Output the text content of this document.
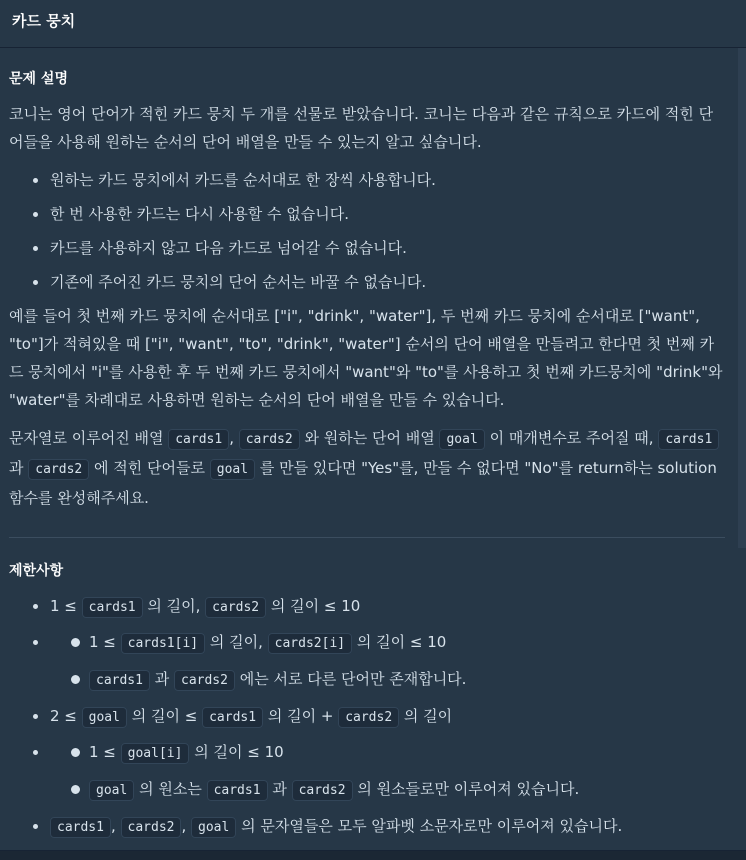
카드 뭉치
문제 설명

코니는 영어 단어가 적힌 카드 뭉치 두 개를 선물로 받았습니다. 코니는 다음과 같은 규칙으로 카드에 적힌 단어들을 사용해 원하는 순서의 단어 배열을 만들 수 있는지 알고 싶습니다.

원하는 카드 뭉치에서 카드를 순서대로 한 장씩 사용합니다.
한 번 사용한 카드는 다시 사용할 수 없습니다.
카드를 사용하지 않고 다음 카드로 넘어갈 수 없습니다.
기존에 주어진 카드 뭉치의 단어 순서는 바꿀 수 없습니다.

예를 들어 첫 번째 카드 뭉치에 순서대로 ["i", "drink", "water"], 두 번째 카드 뭉치에 순서대로 ["want", "to"]가 적혀있을 때 ["i", "want", "to", "drink", "water"] 순서의 단어 배열을 만들려고 한다면 첫 번째 카드 뭉치에서 "i"를 사용한 후 두 번째 카드 뭉치에서 "want"와 "to"를 사용하고 첫 번째 카드뭉치에 "drink"와 "water"를 차례대로 사용하면 원하는 순서의 단어 배열을 만들 수 있습니다.

문자열로 이루어진 배열 cards1 , cards2 와 원하는 단어 배열 goal 이 매개변수로 주어질 때, cards1 과 cards2 에 적힌 단어들로 goal 를 만들 있다면 "Yes"를, 만들 수 없다면 "No"를 return하는 solution 함수를 완성해주세요.

제한사항
1 ≤ cards1 의 길이, cards2 의 길이 ≤ 10
1 ≤ cards1[i] 의 길이, cards2[i] 의 길이 ≤ 10
cards1 과 cards2 에는 서로 다른 단어만 존재합니다.
2 ≤ goal 의 길이 ≤ cards1 의 길이 + cards2 의 길이
1 ≤ goal[i] 의 길이 ≤ 10
goal 의 원소는 cards1 과 cards2 의 원소들로만 이루어져 있습니다.
cards1 , cards2 , goal 의 문자열들은 모두 알파벳 소문자로만 이루어져 있습니다.
